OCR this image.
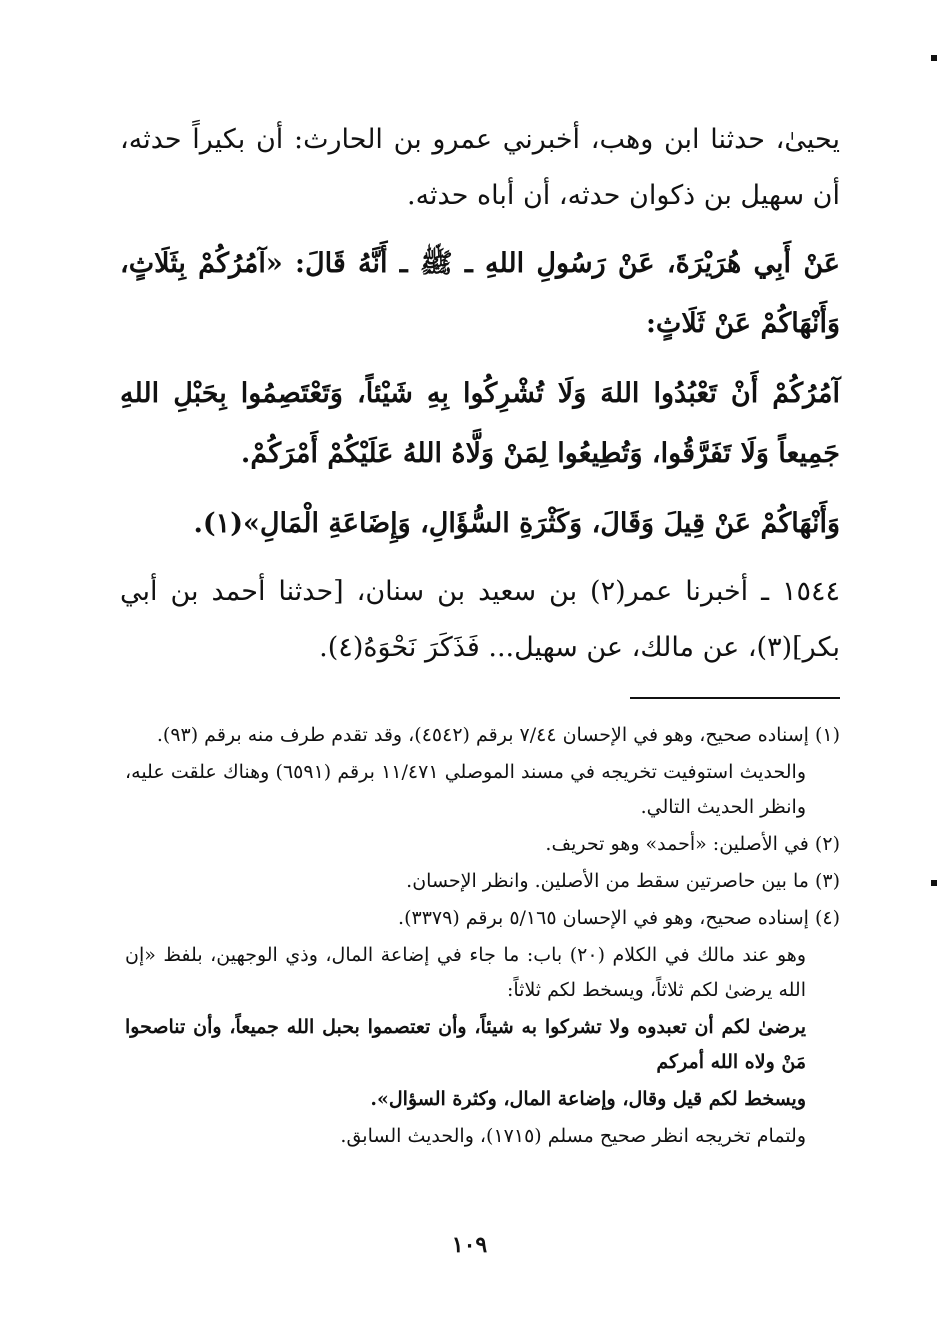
يحيىٰ، حدثنا ابن وهب، أخبرني عمرو بن الحارث: أن بكيراً حدثه، أن سهيل بن ذكوان حدثه، أن أباه حدثه.

عَنْ أَبِي هُرَيْرَةَ، عَنْ رَسُولِ اللهِ ـ ﷺ ـ أَنَّهُ قَالَ: «آمُرُكُمْ بِثَلَاثٍ، وَأَنْهَاكُمْ عَنْ ثَلَاثٍ:

آمُرُكُمْ أَنْ تَعْبُدُوا اللهَ وَلَا تُشْرِكُوا بِهِ شَيْئاً، وَتَعْتَصِمُوا بِحَبْلِ اللهِ جَمِيعاً وَلَا تَفَرَّقُوا، وَتُطِيعُوا لِمَنْ وَلَّاهُ اللهُ عَلَيْكُمْ أَمْرَكُمْ.

وَأَنْهَاكُمْ عَنْ قِيلَ وَقَالَ، وَكَثْرَةِ السُّؤَالِ، وَإِضَاعَةِ الْمَالِ»(١).

١٥٤٤ ـ أخبرنا عمر(٢) بن سعيد بن سنان، [حدثنا أحمد بن أبي بكر](٣)، عن مالك، عن سهيل... فَذَكَرَ نَحْوَهُ(٤).

(١) إسناده صحيح، وهو في الإحسان ٧/٤٤ برقم (٤٥٤٢)، وقد تقدم طرف منه برقم (٩٣).

والحديث استوفيت تخريجه في مسند الموصلي ١١/٤٧١ برقم (٦٥٩١) وهناك علقت عليه، وانظر الحديث التالي.

(٢) في الأصلين: «أحمد» وهو تحريف.

(٣) ما بين حاصرتين سقط من الأصلين. وانظر الإحسان.

(٤) إسناده صحيح، وهو في الإحسان ٥/١٦٥ برقم (٣٣٧٩).

وهو عند مالك في الكلام (٢٠) باب: ما جاء في إضاعة المال، وذي الوجهين، بلفظ «إن الله يرضىٰ لكم ثلاثاً، ويسخط لكم ثلاثاً:

يرضىٰ لكم أن تعبدوه ولا تشركوا به شيئاً، وأن تعتصموا بحبل الله جميعاً، وأن تناصحوا مَنْ ولاه الله أمركم

ويسخط لكم قيل وقال، وإضاعة المال، وكثرة السؤال».

ولتمام تخريجه انظر صحيح مسلم (١٧١٥)، والحديث السابق.

١٠٩
